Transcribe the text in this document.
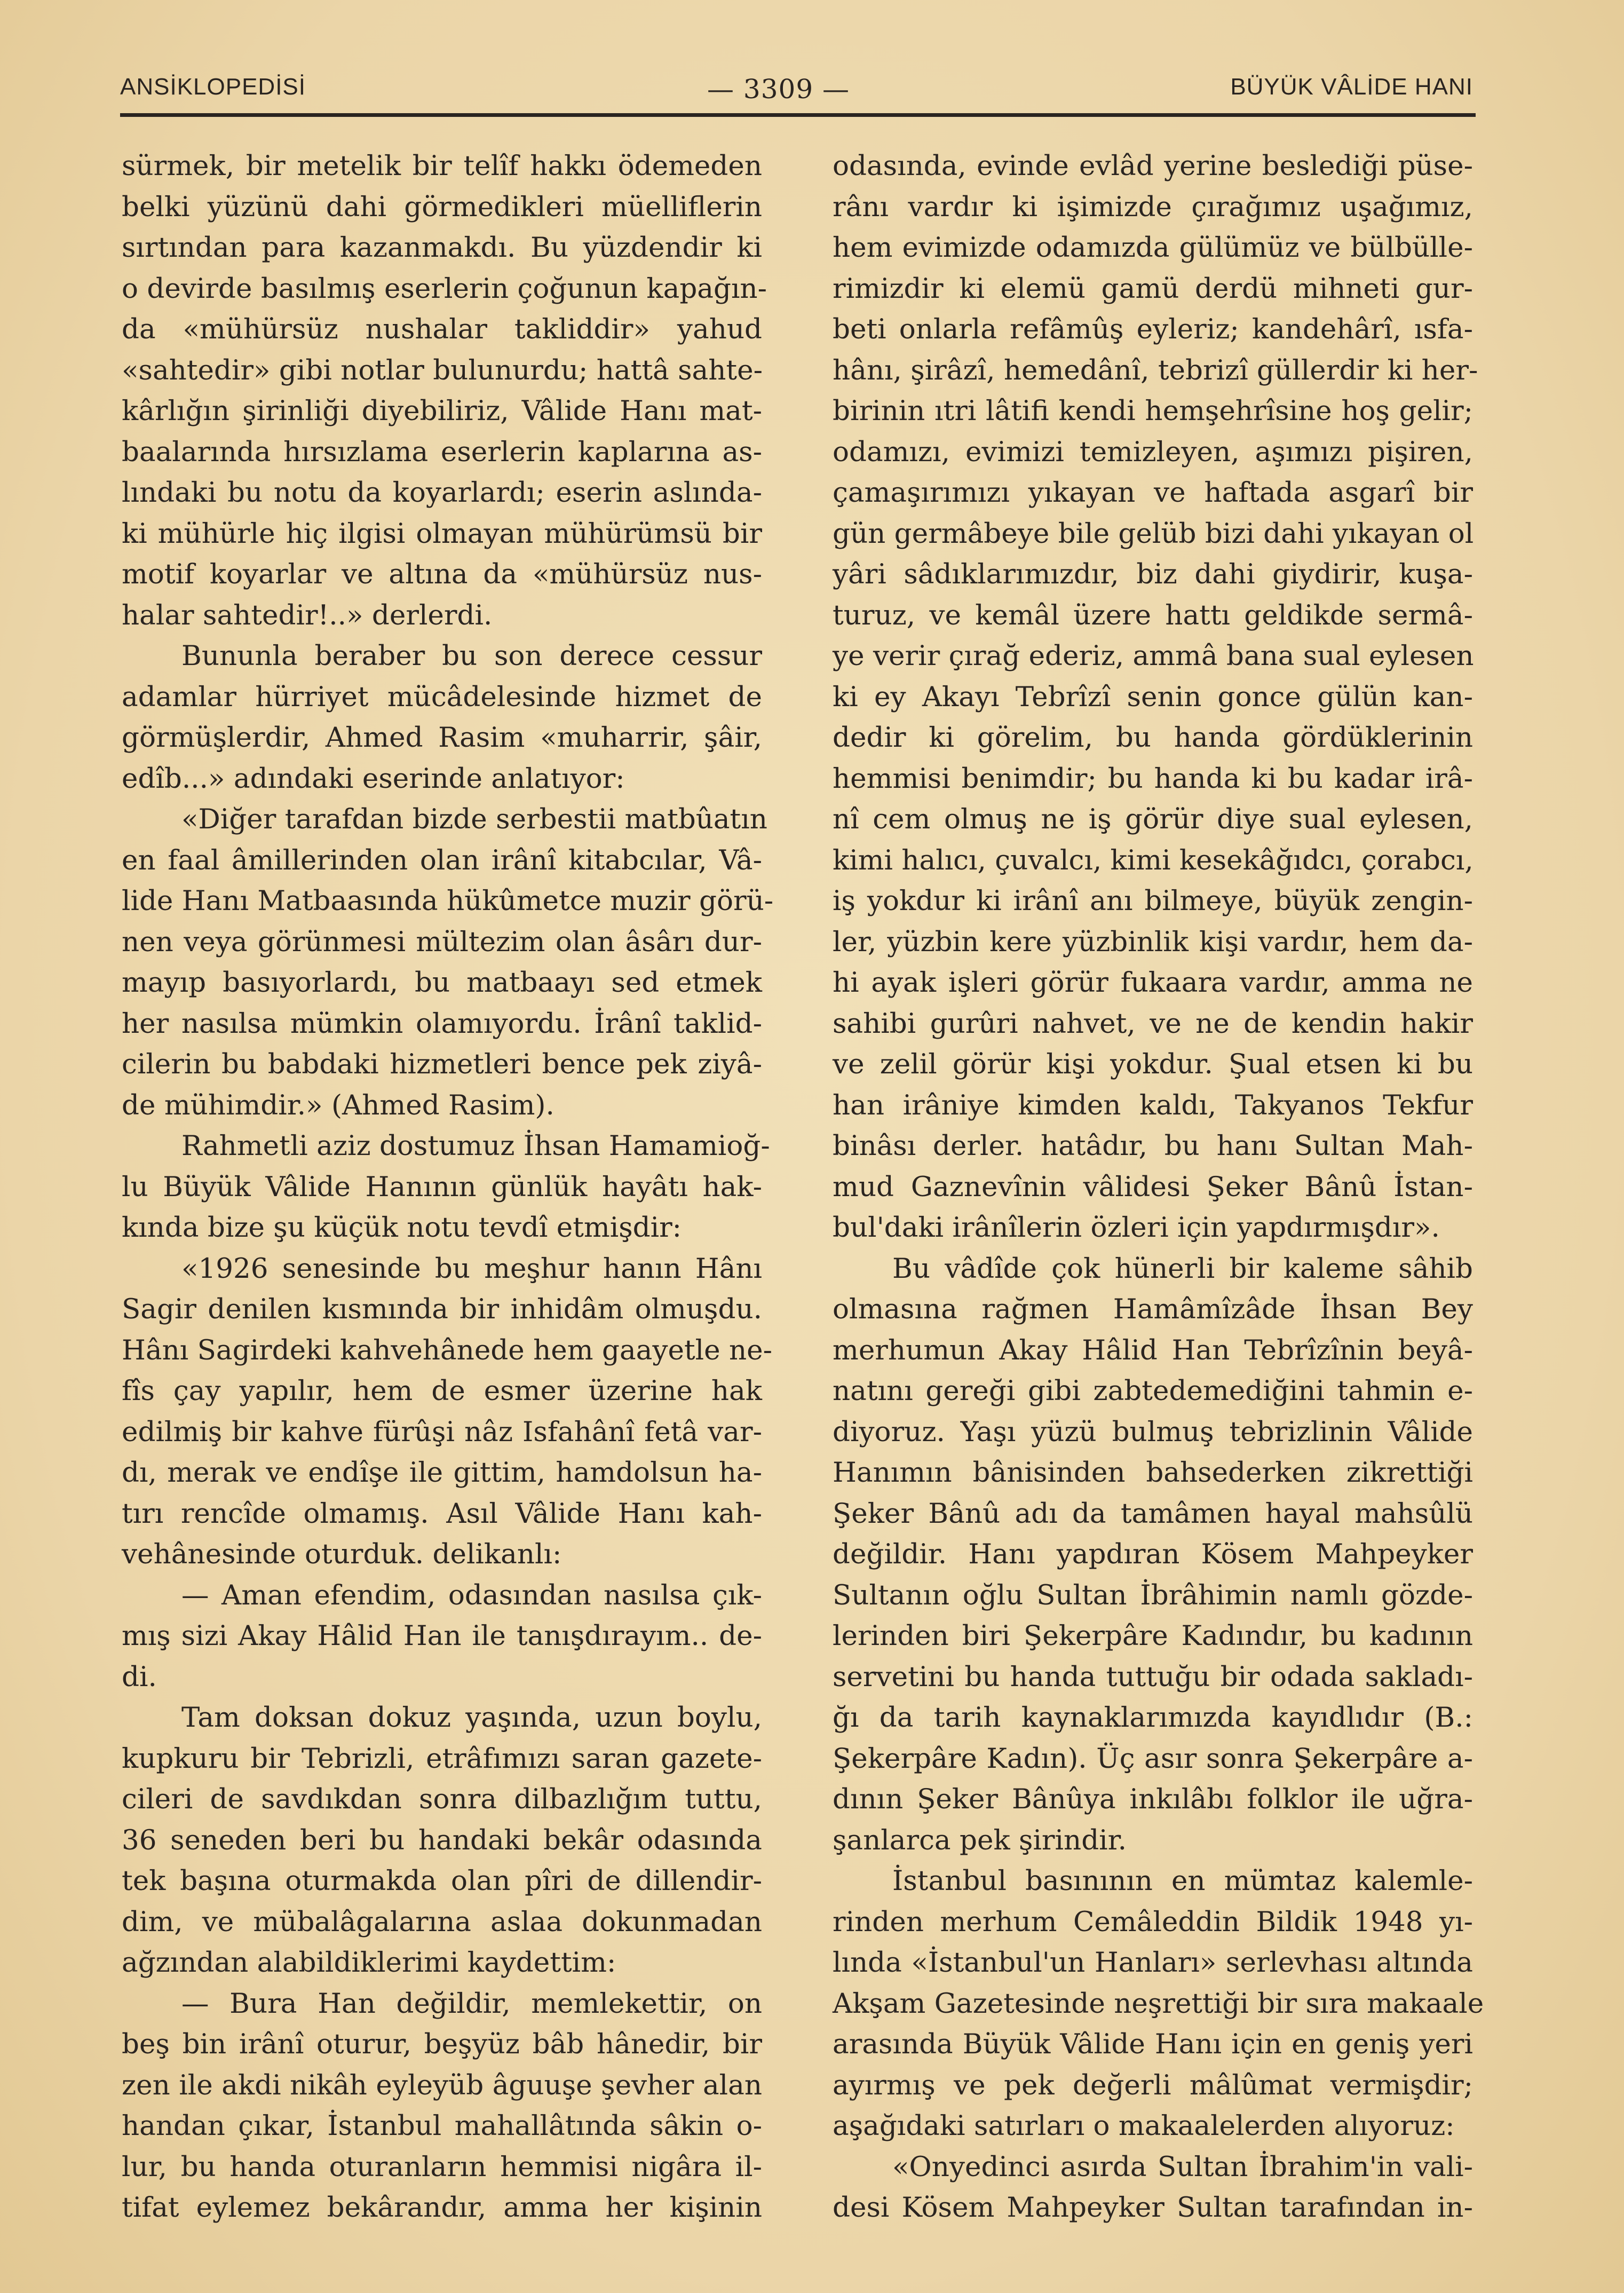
ANSİKLOPEDİSİ	— 3309 —	BÜYÜK VÂLİDE HANI
sürmek, bir metelik bir telîf hakkı ödemeden
belki yüzünü dahi görmedikleri müelliflerin
sırtından para kazanmakdı. Bu yüzdendir ki
o devirde basılmış eserlerin çoğunun kapağın-
da «mühürsüz nushalar takliddir» yahud
«sahtedir» gibi notlar bulunurdu; hattâ sahte-
kârlığın şirinliği diyebiliriz, Vâlide Hanı mat-
baalarında hırsızlama eserlerin kaplarına as-
lındaki bu notu da koyarlardı; eserin aslında-
ki mühürle hiç ilgisi olmayan mühürümsü bir
motif koyarlar ve altına da «mühürsüz nus-
halar sahtedir!..» derlerdi.
Bununla beraber bu son derece cessur
adamlar hürriyet mücâdelesinde hizmet de
görmüşlerdir, Ahmed Rasim «muharrir, şâir,
edîb...» adındaki eserinde anlatıyor:
«Diğer tarafdan bizde serbestii matbûatın
en faal âmillerinden olan irânî kitabcılar, Vâ-
lide Hanı Matbaasında hükûmetce muzir görü-
nen veya görünmesi mültezim olan âsârı dur-
mayıp basıyorlardı, bu matbaayı sed etmek
her nasılsa mümkin olamıyordu. İrânî taklid-
cilerin bu babdaki hizmetleri bence pek ziyâ-
de mühimdir.» (Ahmed Rasim).
Rahmetli aziz dostumuz İhsan Hamamioğ-
lu Büyük Vâlide Hanının günlük hayâtı hak-
kında bize şu küçük notu tevdî etmişdir:
«1926 senesinde bu meşhur hanın Hânı
Sagir denilen kısmında bir inhidâm olmuşdu.
Hânı Sagirdeki kahvehânede hem gaayetle ne-
fîs çay yapılır, hem de esmer üzerine hak
edilmiş bir kahve fürûşi nâz Isfahânî fetâ var-
dı, merak ve endîşe ile gittim, hamdolsun ha-
tırı rencîde olmamış. Asıl Vâlide Hanı kah-
vehânesinde oturduk. delikanlı:
— Aman efendim, odasından nasılsa çık-
mış sizi Akay Hâlid Han ile tanışdırayım.. de-
di.
Tam doksan dokuz yaşında, uzun boylu,
kupkuru bir Tebrizli, etrâfımızı saran gazete-
cileri de savdıkdan sonra dilbazlığım tuttu,
36 seneden beri bu handaki bekâr odasında
tek başına oturmakda olan pîri de dillendir-
dim, ve mübalâgalarına aslaa dokunmadan
ağzından alabildiklerimi kaydettim:
— Bura Han değildir, memlekettir, on
beş bin irânî oturur, beşyüz bâb hânedir, bir
zen ile akdi nikâh eyleyüb âguuşe şevher alan
handan çıkar, İstanbul mahallâtında sâkin o-
lur, bu handa oturanların hemmisi nigâra il-
tifat eylemez bekârandır, amma her kişinin
odasında, evinde evlâd yerine beslediği püse-
rânı vardır ki işimizde çırağımız uşağımız,
hem evimizde odamızda gülümüz ve bülbülle-
rimizdir ki elemü gamü derdü mihneti gur-
beti onlarla refâmûş eyleriz; kandehârî, ısfa-
hânı, şirâzî, hemedânî, tebrizî güllerdir ki her-
birinin ıtri lâtifi kendi hemşehrîsine hoş gelir;
odamızı, evimizi temizleyen, aşımızı pişiren,
çamaşırımızı yıkayan ve haftada asgarî bir
gün germâbeye bile gelüb bizi dahi yıkayan ol
yâri sâdıklarımızdır, biz dahi giydirir, kuşa-
turuz, ve kemâl üzere hattı geldikde sermâ-
ye verir çırağ ederiz, ammâ bana sual eylesen
ki ey Akayı Tebrîzî senin gonce gülün kan-
dedir ki görelim, bu handa gördüklerinin
hemmisi benimdir; bu handa ki bu kadar irâ-
nî cem olmuş ne iş görür diye sual eylesen,
kimi halıcı, çuvalcı, kimi kesekâğıdcı, çorabcı,
iş yokdur ki irânî anı bilmeye, büyük zengin-
ler, yüzbin kere yüzbinlik kişi vardır, hem da-
hi ayak işleri görür fukaara vardır, amma ne
sahibi gurûri nahvet, ve ne de kendin hakir
ve zelil görür kişi yokdur. Şual etsen ki bu
han irâniye kimden kaldı, Takyanos Tekfur
binâsı derler. hatâdır, bu hanı Sultan Mah-
mud Gaznevînin vâlidesi Şeker Bânû İstan-
bul'daki irânîlerin özleri için yapdırmışdır».
Bu vâdîde çok hünerli bir kaleme sâhib
olmasına rağmen Hamâmîzâde İhsan Bey
merhumun Akay Hâlid Han Tebrîzînin beyâ-
natını gereği gibi zabtedemediğini tahmin e-
diyoruz. Yaşı yüzü bulmuş tebrizlinin Vâlide
Hanımın bânisinden bahsederken zikrettiği
Şeker Bânû adı da tamâmen hayal mahsûlü
değildir. Hanı yapdıran Kösem Mahpeyker
Sultanın oğlu Sultan İbrâhimin namlı gözde-
lerinden biri Şekerpâre Kadındır, bu kadının
servetini bu handa tuttuğu bir odada sakladı-
ğı da tarih kaynaklarımızda kayıdlıdır (B.:
Şekerpâre Kadın). Üç asır sonra Şekerpâre a-
dının Şeker Bânûya inkılâbı folklor ile uğra-
şanlarca pek şirindir.
İstanbul basınının en mümtaz kalemle-
rinden merhum Cemâleddin Bildik 1948 yı-
lında «İstanbul'un Hanları» serlevhası altında
Akşam Gazetesinde neşrettiği bir sıra makaale
arasında Büyük Vâlide Hanı için en geniş yeri
ayırmış ve pek değerli mâlûmat vermişdir;
aşağıdaki satırları o makaalelerden alıyoruz:
«Onyedinci asırda Sultan İbrahim'in vali-
desi Kösem Mahpeyker Sultan tarafından in-
